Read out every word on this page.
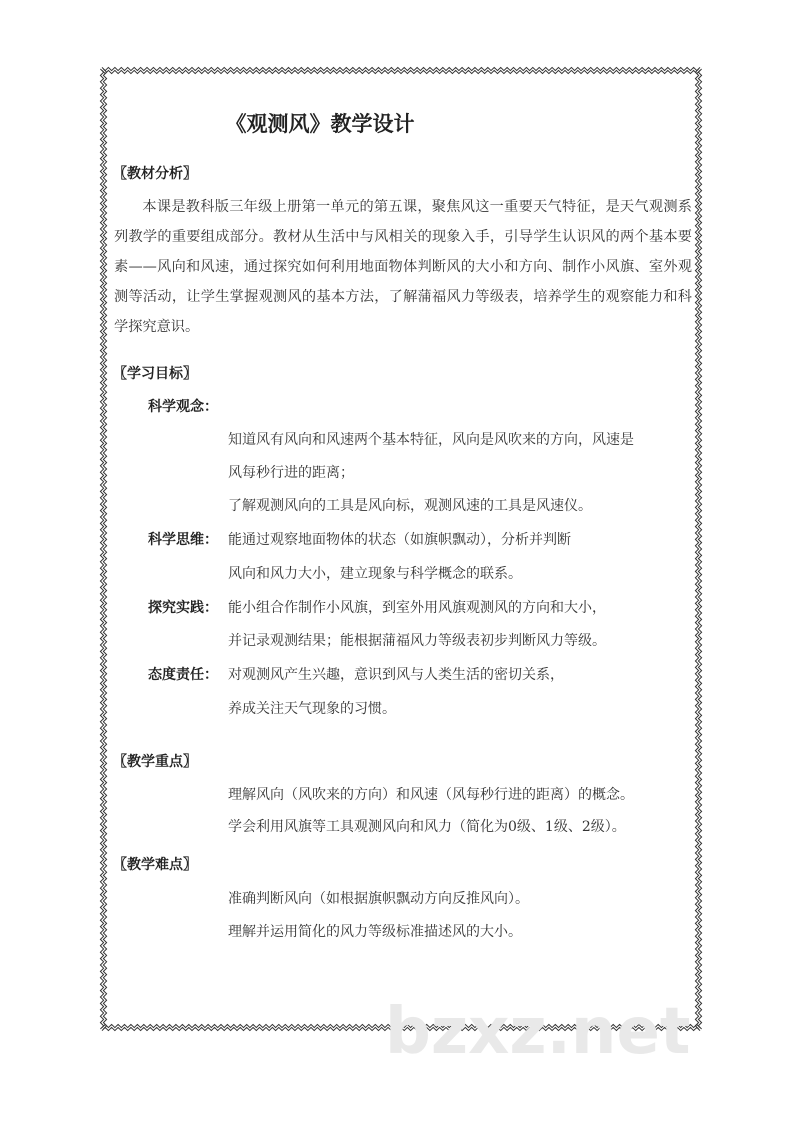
bzxz.net
《观测风》教学设计
〖教材分析〗
本课是教科版三年级上册第一单元的第五课，聚焦风这一重要天气特征，是天气观测系列教学的重要组成部分。教材从生活中与风相关的现象入手，引导学生认识风的两个基本要素——风向和风速，通过探究如何利用地面物体判断风的大小和方向、制作小风旗、室外观测等活动，让学生掌握观测风的基本方法，了解蒲福风力等级表，培养学生的观察能力和科学探究意识。
〖学习目标〗
科学观念：
知道风有风向和风速两个基本特征，风向是风吹来的方向，风速是
风每秒行进的距离；
了解观测风向的工具是风向标，观测风速的工具是风速仪。
科学思维： 能通过观察地面物体的状态（如旗帜飘动），分析并判断
风向和风力大小，建立现象与科学概念的联系。
探究实践： 能小组合作制作小风旗，到室外用风旗观测风的方向和大小，
并记录观测结果；能根据蒲福风力等级表初步判断风力等级。
态度责任： 对观测风产生兴趣，意识到风与人类生活的密切关系，
养成关注天气现象的习惯。
〖教学重点〗
理解风向（风吹来的方向）和风速（风每秒行进的距离）的概念。
学会利用风旗等工具观测风向和风力（简化为0级、1级、2级）。
〖教学难点〗
准确判断风向（如根据旗帜飘动方向反推风向）。
理解并运用简化的风力等级标准描述风的大小。
